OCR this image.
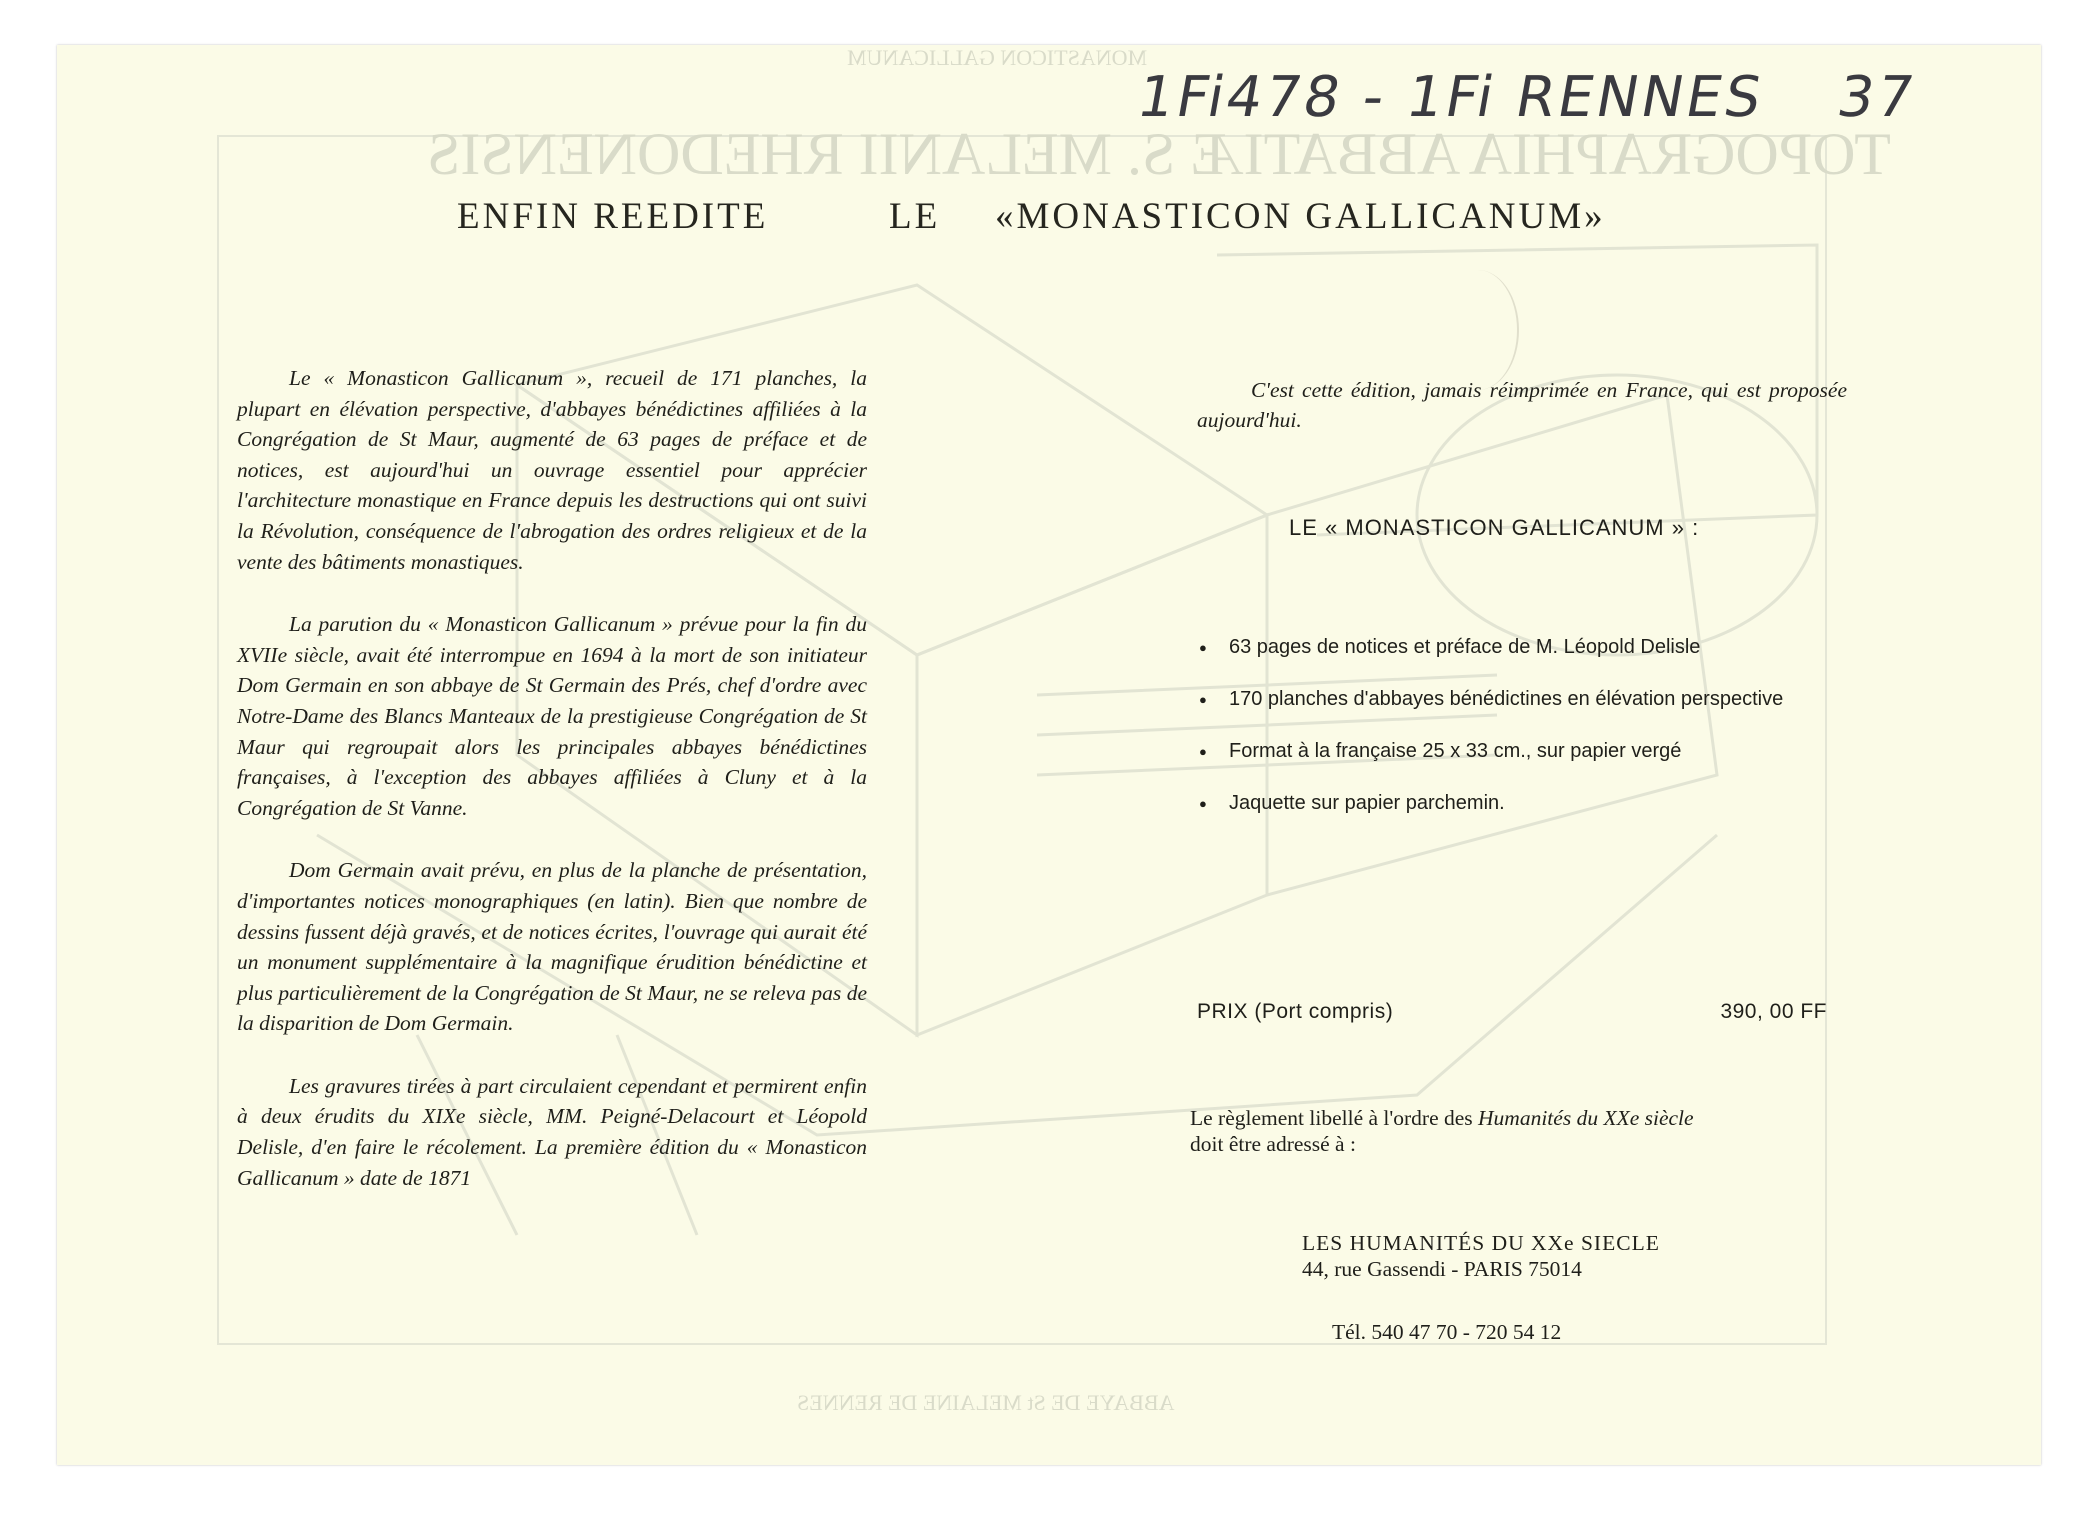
MONASTICON GALLICANUM
TOPOGRAPHIA ABBATIÆ S. MELANII RHEDONENSIS
ABBAYE DE St MELAINE DE RENNES
1Fi478 - 1Fi RENNES 37
ENFIN REEDITE	LE «MONASTICON GALLICANUM»

Le « Monasticon Gallicanum », recueil de 171 planches, la plupart en élévation perspective, d'abbayes bénédictines affiliées à la Congrégation de St Maur, augmenté de 63 pages de préface et de notices, est aujourd'hui un ouvrage essentiel pour apprécier l'architecture monastique en France depuis les destructions qui ont suivi la Révolution, conséquence de l'abrogation des ordres religieux et de la vente des bâtiments monastiques.

La parution du « Monasticon Gallicanum » prévue pour la fin du XVIIe siècle, avait été interrompue en 1694 à la mort de son initiateur Dom Germain en son abbaye de St Germain des Prés, chef d'ordre avec Notre-Dame des Blancs Manteaux de la prestigieuse Congrégation de St Maur qui regroupait alors les principales abbayes bénédictines françaises, à l'exception des abbayes affiliées à Cluny et à la Congrégation de St Vanne.

Dom Germain avait prévu, en plus de la planche de présentation, d'importantes notices monographiques (en latin). Bien que nombre de dessins fussent déjà gravés, et de notices écrites, l'ouvrage qui aurait été un monument supplémentaire à la magnifique érudition bénédictine et plus particulièrement de la Congrégation de St Maur, ne se releva pas de la disparition de Dom Germain.

Les gravures tirées à part circulaient cependant et permirent enfin à deux érudits du XIXe siècle, MM. Peigné-Delacourt et Léopold Delisle, d'en faire le récolement. La première édition du « Monasticon Gallicanum » date de 1871

C'est cette édition, jamais réimprimée en France, qui est proposée aujourd'hui.

LE « MONASTICON GALLICANUM » :
● 63 pages de notices et préface de M. Léopold Delisle
● 170 planches d'abbayes bénédictines en élévation perspective
● Format à la française 25 x 33 cm., sur papier vergé
● Jaquette sur papier parchemin.
PRIX (Port compris)	390, 00 FF

Le règlement libellé à l'ordre des Humanités du XXe siècle
doit être adressé à :

LES HUMANITÉS DU XXe SIECLE
44, rue Gassendi - PARIS 75014
Tél. 540 47 70 - 720 54 12
